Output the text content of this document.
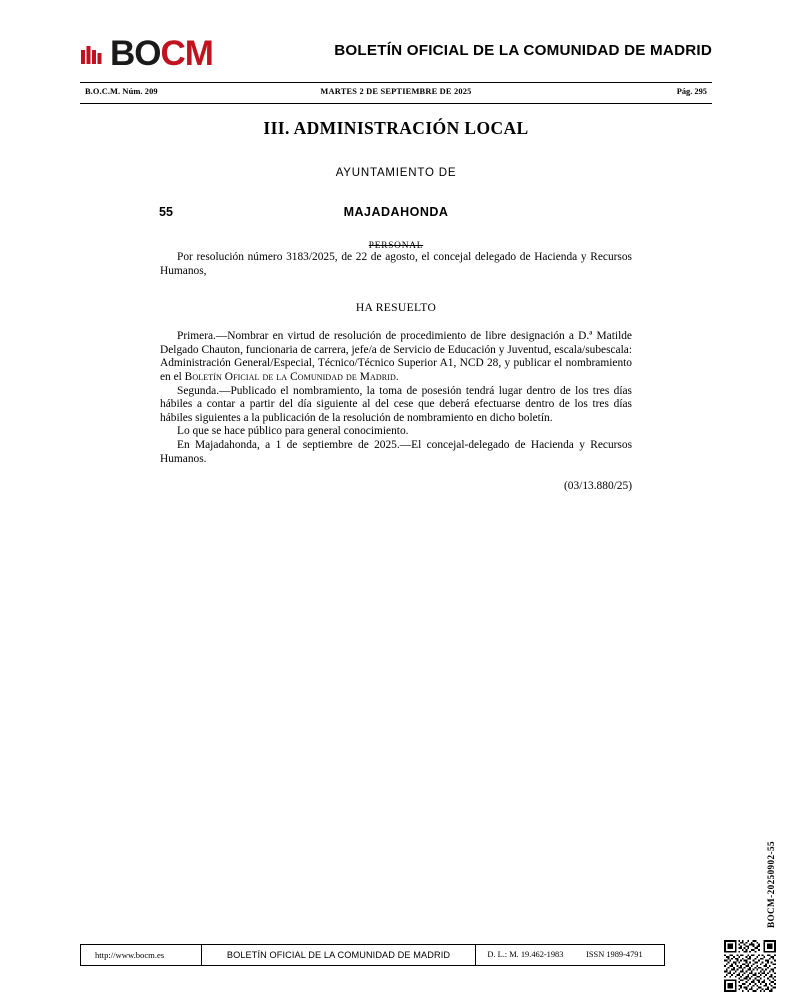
BOCM	BOLETÍN OFICIAL DE LA COMUNIDAD DE MADRID
B.O.C.M. Núm. 209	MARTES 2 DE SEPTIEMBRE DE 2025	Pág. 295
III. ADMINISTRACIÓN LOCAL
AYUNTAMIENTO DE
55	MAJADAHONDA
PERSONAL

Por resolución número 3183/2025, de 22 de agosto, el concejal delegado de Hacienda y Recursos Humanos,

HA RESUELTO

Primera.—Nombrar en virtud de resolución de procedimiento de libre designación a D.ª Matilde Delgado Chauton, funcionaria de carrera, jefe/a de Servicio de Educación y Juventud, escala/subescala: Administración General/Especial, Técnico/Técnico Superior A1, NCD 28, y publicar el nombramiento en el Boletín Oficial de la Comunidad de Madrid.

Segunda.—Publicado el nombramiento, la toma de posesión tendrá lugar dentro de los tres días hábiles a contar a partir del día siguiente al del cese que deberá efectuarse dentro de los tres días hábiles siguientes a la publicación de la resolución de nombramiento en dicho boletín.

Lo que se hace público para general conocimiento.

En Majadahonda, a 1 de septiembre de 2025.—El concejal-delegado de Hacienda y Recursos Humanos.

(03/13.880/25)
BOCM-20250902-55
http://www.bocm.es	BOLETÍN OFICIAL DE LA COMUNIDAD DE MADRID	D. L.: M. 19.462-1983	ISSN 1989-4791
